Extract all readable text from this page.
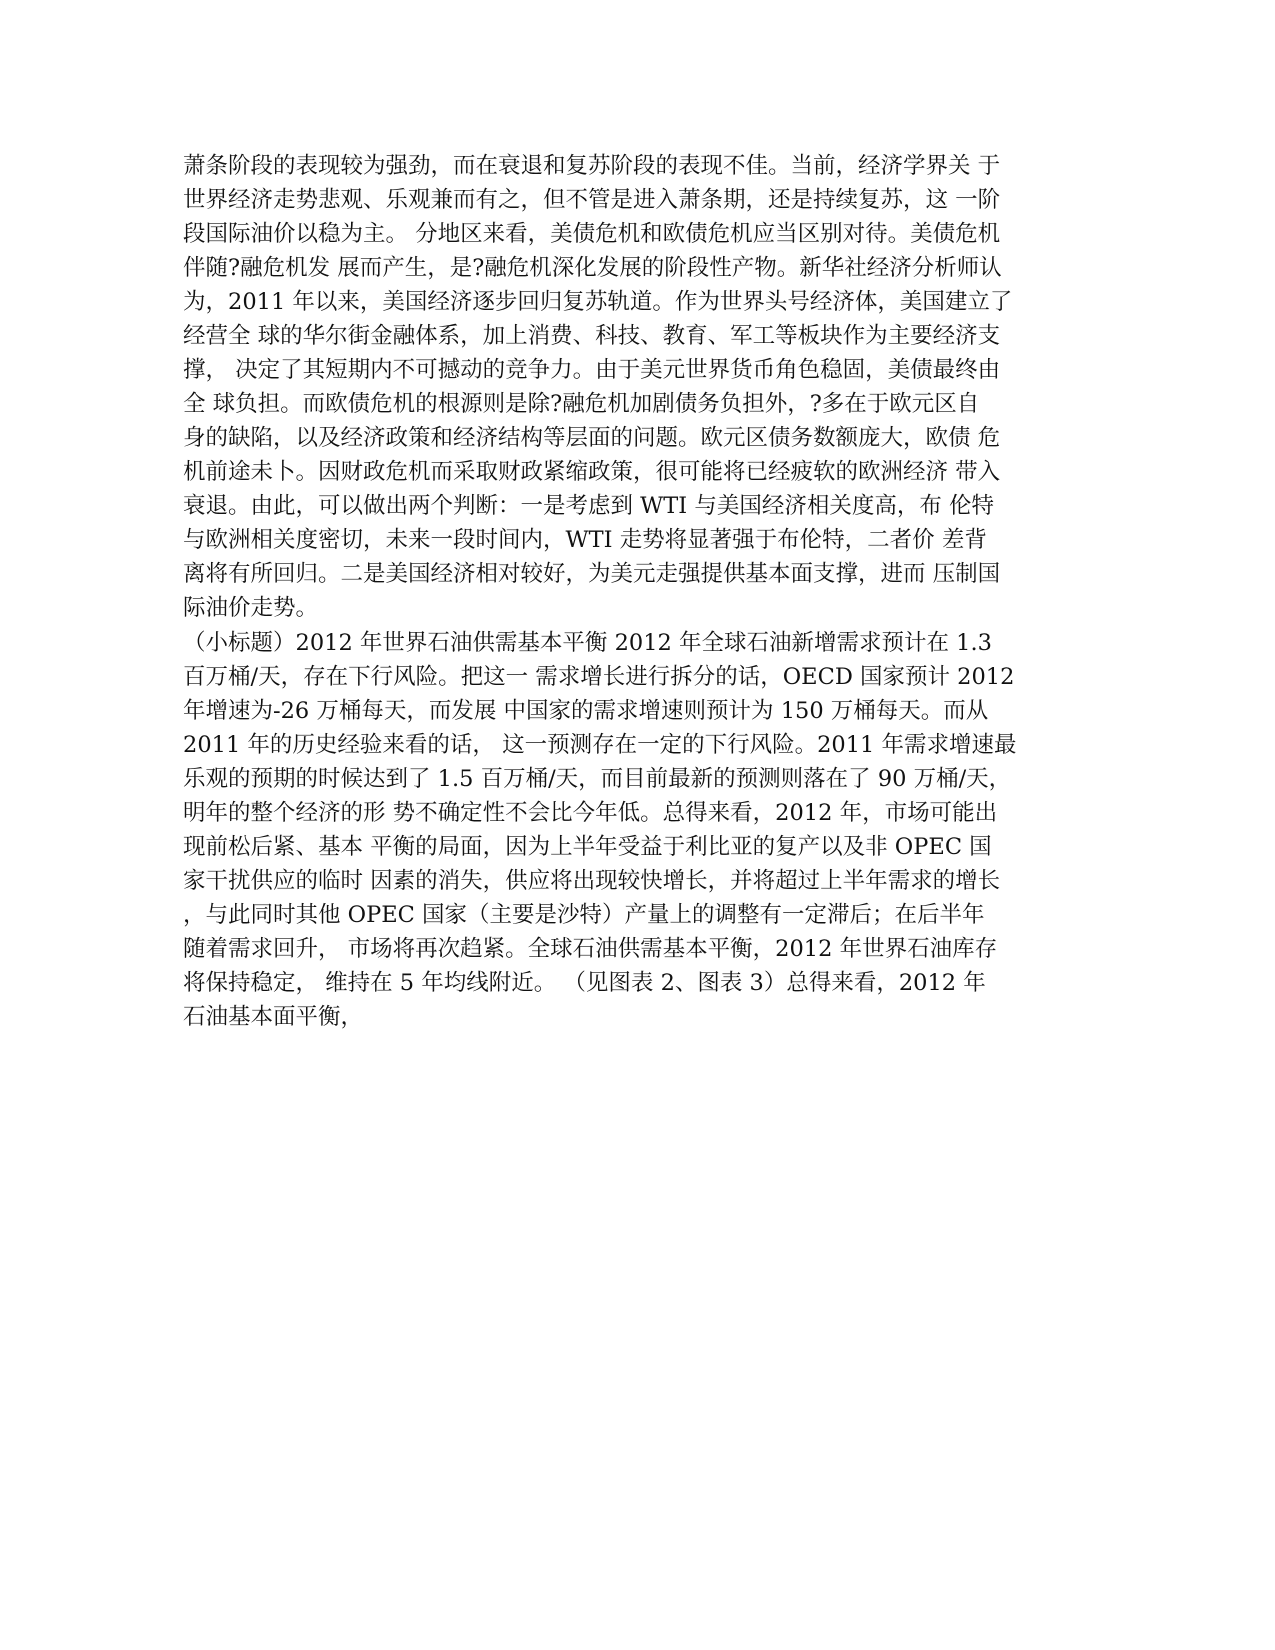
萧条阶段的表现较为强劲，而在衰退和复苏阶段的表现不佳。当前，经济学界关 于
世界经济走势悲观、乐观兼而有之，但不管是进入萧条期，还是持续复苏，这 一阶
段国际油价以稳为主。 分地区来看，美债危机和欧债危机应当区别对待。美债危机
伴随?融危机发 展而产生，是?融危机深化发展的阶段性产物。新华社经济分析师认
为，2011 年以来，美国经济逐步回归复苏轨道。作为世界头号经济体，美国建立了
经营全 球的华尔街金融体系，加上消费、科技、教育、军工等板块作为主要经济支
撑， 决定了其短期内不可撼动的竞争力。由于美元世界货币角色稳固，美债最终由
全 球负担。而欧债危机的根源则是除?融危机加剧债务负担外，?多在于欧元区自
身的缺陷，以及经济政策和经济结构等层面的问题。欧元区债务数额庞大，欧债 危
机前途未卜。因财政危机而采取财政紧缩政策，很可能将已经疲软的欧洲经济 带入
衰退。由此，可以做出两个判断：一是考虑到 WTI 与美国经济相关度高，布 伦特
与欧洲相关度密切，未来一段时间内，WTI 走势将显著强于布伦特，二者价 差背
离将有所回归。二是美国经济相对较好，为美元走强提供基本面支撑，进而 压制国
际油价走势。
（小标题）2012 年世界石油供需基本平衡 2012 年全球石油新增需求预计在 1.3
百万桶/天，存在下行风险。把这一 需求增长进行拆分的话，OECD 国家预计 2012
年增速为-26 万桶每天，而发展 中国家的需求增速则预计为 150 万桶每天。而从
2011 年的历史经验来看的话， 这一预测存在一定的下行风险。2011 年需求增速最
乐观的预期的时候达到了 1.5 百万桶/天，而目前最新的预测则落在了 90 万桶/天，
明年的整个经济的形 势不确定性不会比今年低。总得来看，2012 年，市场可能出
现前松后紧、基本 平衡的局面，因为上半年受益于利比亚的复产以及非 OPEC 国
家干扰供应的临时 因素的消失，供应将出现较快增长，并将超过上半年需求的增长
，与此同时其他 OPEC 国家（主要是沙特）产量上的调整有一定滞后；在后半年
随着需求回升， 市场将再次趋紧。全球石油供需基本平衡，2012 年世界石油库存
将保持稳定， 维持在 5 年均线附近。 （见图表 2、图表 3）总得来看，2012 年
石油基本面平衡，
